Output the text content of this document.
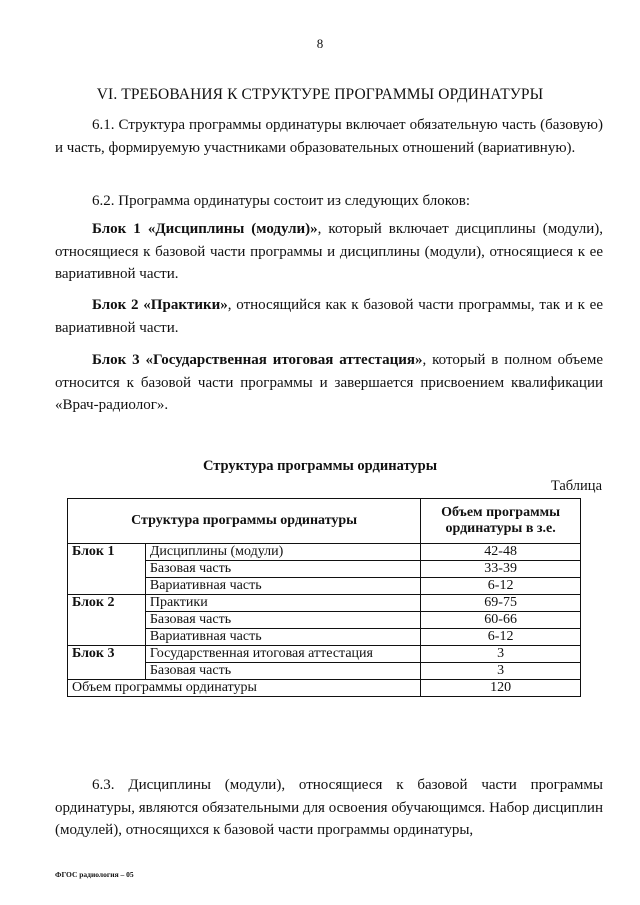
8
VI. ТРЕБОВАНИЯ К СТРУКТУРЕ ПРОГРАММЫ ОРДИНАТУРЫ
6.1. Структура программы ординатуры включает обязательную часть (базовую) и часть, формируемую участниками образовательных отношений (вариативную).
6.2. Программа ординатуры состоит из следующих блоков:
Блок 1 «Дисциплины (модули)», который включает дисциплины (модули), относящиеся к базовой части программы и дисциплины (модули), относящиеся к ее вариативной части.
Блок 2 «Практики», относящийся как к базовой части программы, так и к ее вариативной части.
Блок 3 «Государственная итоговая аттестация», который в полном объеме относится к базовой части программы и завершается присвоением квалификации «Врач-радиолог».
Структура программы ординатуры
Таблица
Структура программы ординатуры		Объем программы ординатуры в з.е.
Блок 1	Дисциплины (модули)	42-48
	Базовая часть	33-39
	Вариативная часть	6-12
Блок 2	Практики	69-75
	Базовая часть	60-66
	Вариативная часть	6-12
Блок 3	Государственная итоговая аттестация	3
	Базовая часть	3
Объем программы ординатуры		120
6.3. Дисциплины (модули), относящиеся к базовой части программы ординатуры, являются обязательными для освоения обучающимся. Набор дисциплин (модулей), относящихся к базовой части программы ординатуры,
ФГОС радиология – 05
